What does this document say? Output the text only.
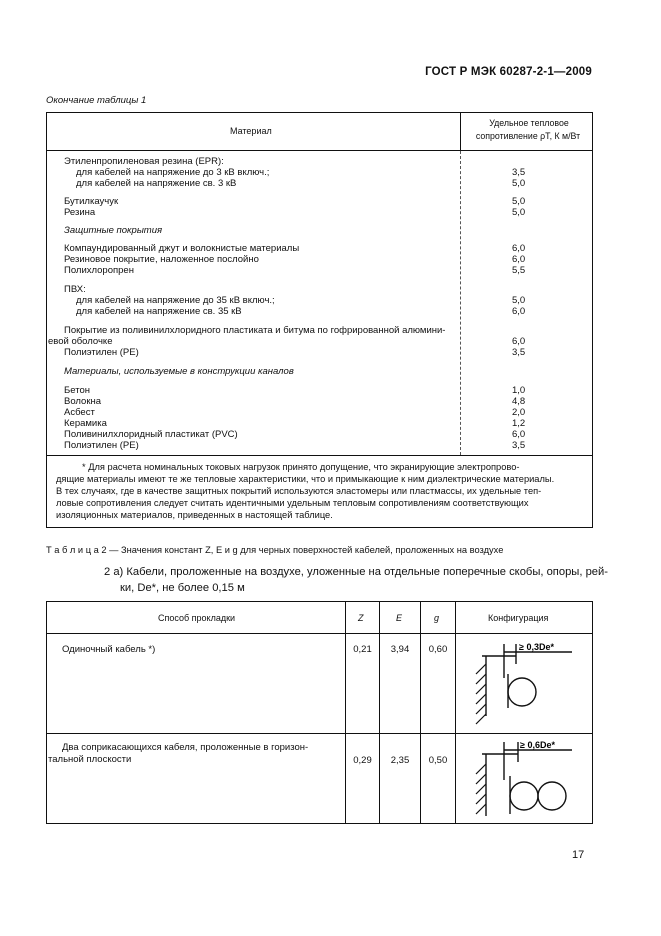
ГОСТ Р МЭК 60287-2-1—2009
Окончание таблицы 1
Материал
Удельное тепловое
сопротивление ρT, К м/Вт
Этиленпропиленовая резина (EPR):
для кабелей на напряжение до 3 кВ включ.;	3,5
для кабелей на напряжение св. 3 кВ	5,0
Бутилкаучук	5,0
Резина	5,0
Защитные покрытия
Компаундированный джут и волокнистые материалы	6,0
Резиновое покрытие, наложенное послойно	6,0
Полихлоропрен	5,5
ПВХ:
для кабелей на напряжение до 35 кВ включ.;	5,0
для кабелей на напряжение св. 35 кВ	6,0
Покрытие из поливинилхлоридного пластиката и битума по гофрированной алюмини-
евой оболочке	6,0
Полиэтилен (PE)	3,5
Материалы, используемые в конструкции каналов
Бетон	1,0
Волокна	4,8
Асбест	2,0
Керамика	1,2
Поливинилхлоридный пластикат (PVC)	6,0
Полиэтилен (PE)	3,5
* Для расчета номинальных токовых нагрузок принято допущение, что экранирующие электропрово-
дящие материалы имеют те же тепловые характеристики, что и примыкающие к ним диэлектрические материалы.
В тех случаях, где в качестве защитных покрытий используются эластомеры или пластмассы, их удельные теп-
ловые сопротивления следует считать идентичными удельным тепловым сопротивлениям соответствующих
изоляционных материалов, приведенных в настоящей таблице.
Т а б л и ц а 2 — Значения констант Z, E и g для черных поверхностей кабелей, проложенных на воздухе
2 а) Кабели, проложенные на воздухе, уложенные на отдельные поперечные скобы, опоры, рей-
ки, De*, не более 0,15 м
Способ прокладки	Z	E	g	Конфигурация
Одиночный кабель *)	0,21	3,94	0,60
Два соприкасающихся кабеля, проложенные в горизон-
тальной плоскости	0,29	2,35	0,50
≥ 0,3De*
≥ 0,6De*
17
